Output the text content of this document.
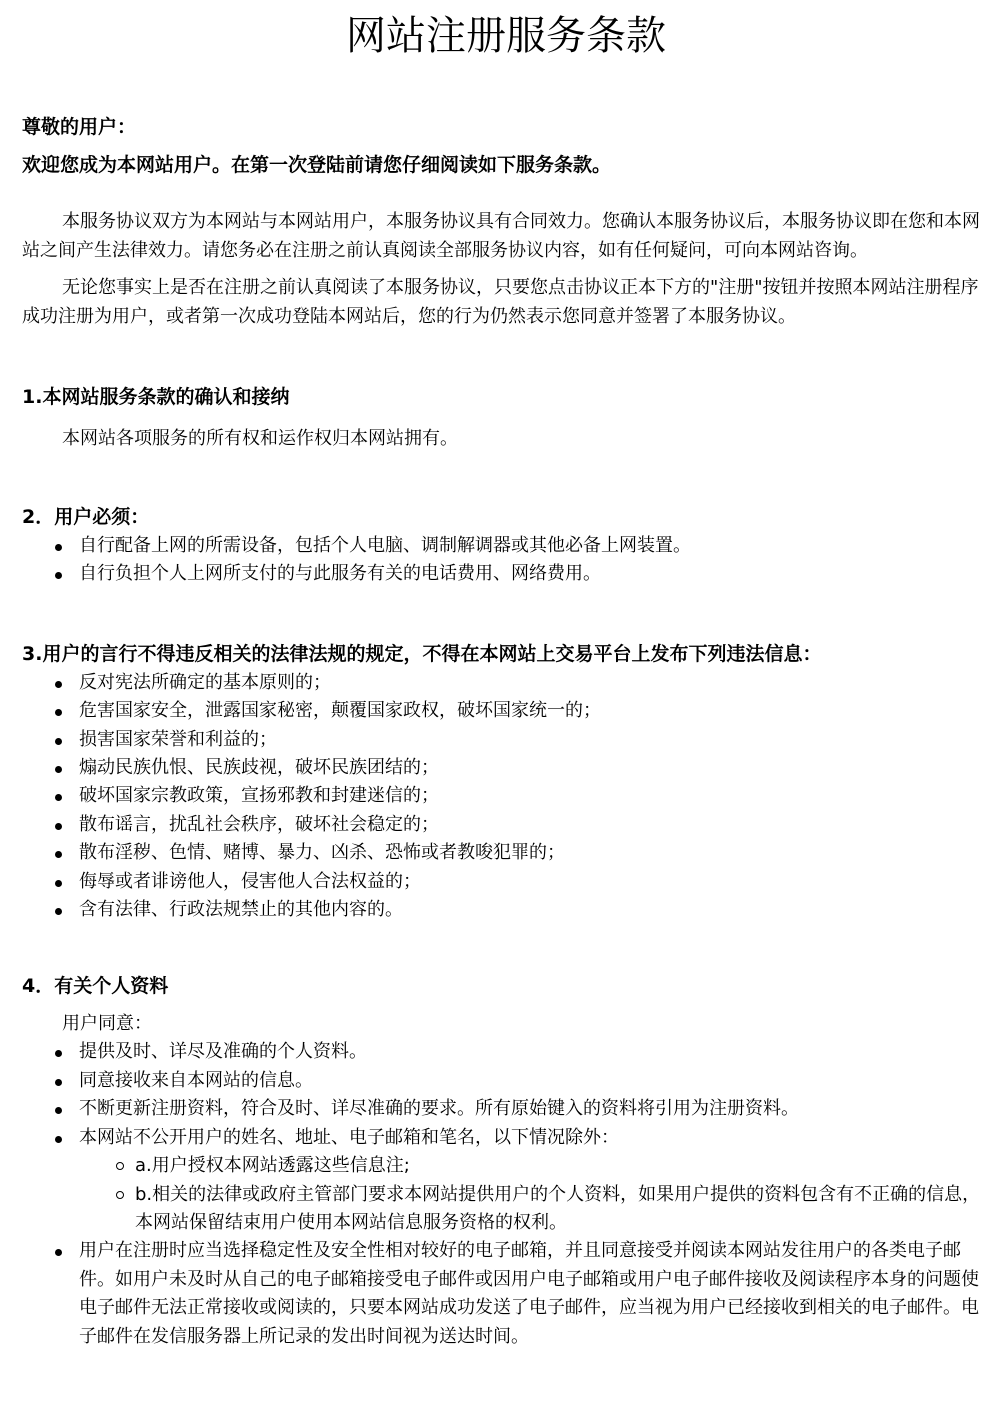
网站注册服务条款

尊敬的用户：

欢迎您成为本网站用户。在第一次登陆前请您仔细阅读如下服务条款。

本服务协议双方为本网站与本网站用户，本服务协议具有合同效力。您确认本服务协议后，本服务协议即在您和本网站之间产生法律效力。请您务必在注册之前认真阅读全部服务协议内容，如有任何疑问，可向本网站咨询。

无论您事实上是否在注册之前认真阅读了本服务协议，只要您点击协议正本下方的"注册"按钮并按照本网站注册程序成功注册为用户，或者第一次成功登陆本网站后，您的行为仍然表示您同意并签署了本服务协议。

1.本网站服务条款的确认和接纳

本网站各项服务的所有权和运作权归本网站拥有。

2．用户必须：
自行配备上网的所需设备，包括个人电脑、调制解调器或其他必备上网装置。
自行负担个人上网所支付的与此服务有关的电话费用、网络费用。
3.用户的言行不得违反相关的法律法规的规定，不得在本网站上交易平台上发布下列违法信息：
反对宪法所确定的基本原则的；
危害国家安全，泄露国家秘密，颠覆国家政权，破坏国家统一的；
损害国家荣誉和利益的；
煽动民族仇恨、民族歧视，破坏民族团结的；
破坏国家宗教政策，宣扬邪教和封建迷信的；
散布谣言，扰乱社会秩序，破坏社会稳定的；
散布淫秽、色情、赌博、暴力、凶杀、恐怖或者教唆犯罪的；
侮辱或者诽谤他人，侵害他人合法权益的；
含有法律、行政法规禁止的其他内容的。
4．有关个人资料

用户同意：

提供及时、详尽及准确的个人资料。
同意接收来自本网站的信息。
不断更新注册资料，符合及时、详尽准确的要求。所有原始键入的资料将引用为注册资料。
本网站不公开用户的姓名、地址、电子邮箱和笔名，以下情况除外：
a.用户授权本网站透露这些信息注;
b.相关的法律或政府主管部门要求本网站提供用户的个人资料，如果用户提供的资料包含有不正确的信息，本网站保留结束用户使用本网站信息服务资格的权利。
用户在注册时应当选择稳定性及安全性相对较好的电子邮箱，并且同意接受并阅读本网站发往用户的各类电子邮件。如用户未及时从自己的电子邮箱接受电子邮件或因用户电子邮箱或用户电子邮件接收及阅读程序本身的问题使电子邮件无法正常接收或阅读的，只要本网站成功发送了电子邮件，应当视为用户已经接收到相关的电子邮件。电子邮件在发信服务器上所记录的发出时间视为送达时间。
